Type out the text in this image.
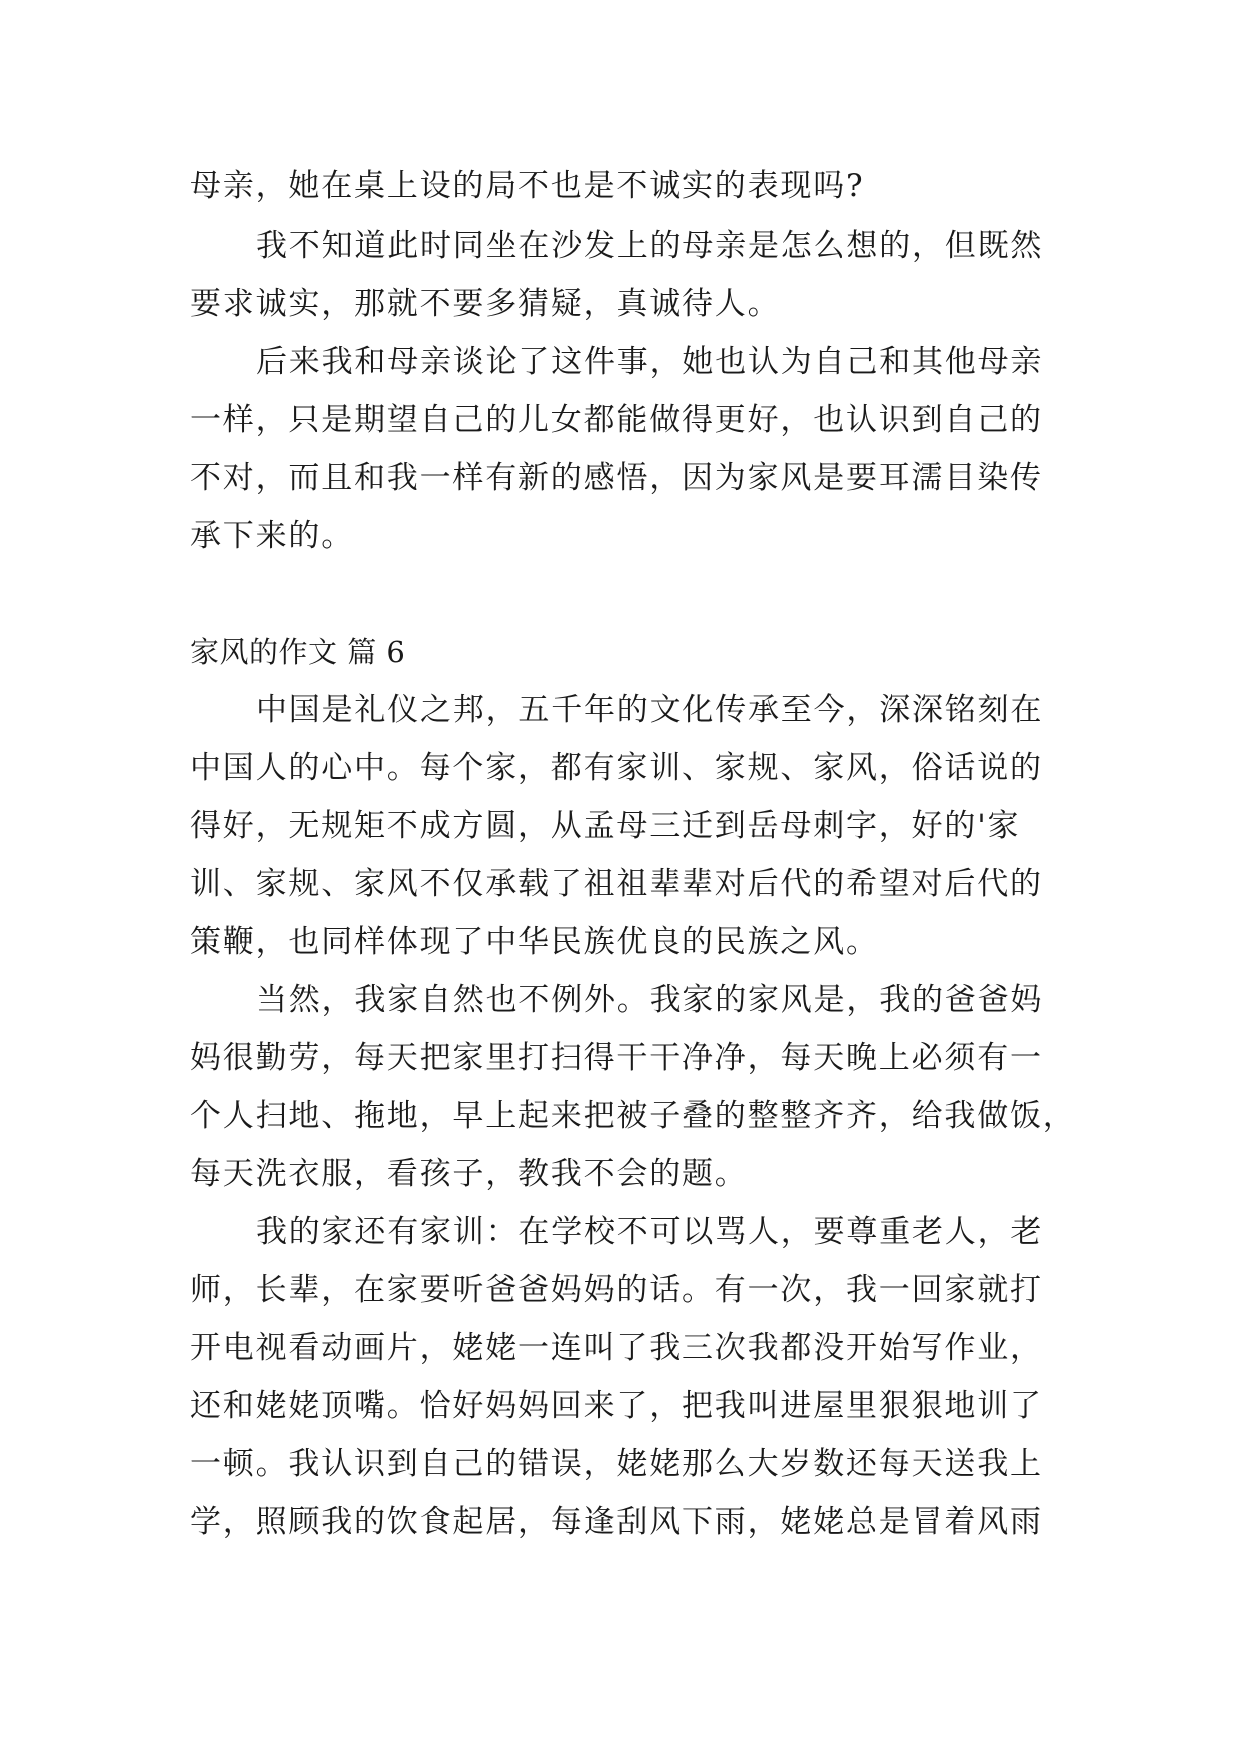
母亲，她在桌上设的局不也是不诚实的表现吗?
我不知道此时同坐在沙发上的母亲是怎么想的，但既然
要求诚实，那就不要多猜疑，真诚待人。
后来我和母亲谈论了这件事，她也认为自己和其他母亲
一样，只是期望自己的儿女都能做得更好，也认识到自己的
不对，而且和我一样有新的感悟，因为家风是要耳濡目染传
承下来的。
家风的作文 篇 6
中国是礼仪之邦，五千年的文化传承至今，深深铭刻在
中国人的心中。每个家，都有家训、家规、家风，俗话说的
得好，无规矩不成方圆，从孟母三迁到岳母刺字，好的'家
训、家规、家风不仅承载了祖祖辈辈对后代的希望对后代的
策鞭，也同样体现了中华民族优良的民族之风。
当然，我家自然也不例外。我家的家风是，我的爸爸妈
妈很勤劳，每天把家里打扫得干干净净，每天晚上必须有一
个人扫地、拖地，早上起来把被子叠的整整齐齐，给我做饭，
每天洗衣服，看孩子，教我不会的题。
我的家还有家训：在学校不可以骂人，要尊重老人，老
师，长辈，在家要听爸爸妈妈的话。有一次，我一回家就打
开电视看动画片，姥姥一连叫了我三次我都没开始写作业，
还和姥姥顶嘴。恰好妈妈回来了，把我叫进屋里狠狠地训了
一顿。我认识到自己的错误，姥姥那么大岁数还每天送我上
学，照顾我的饮食起居，每逢刮风下雨，姥姥总是冒着风雨
